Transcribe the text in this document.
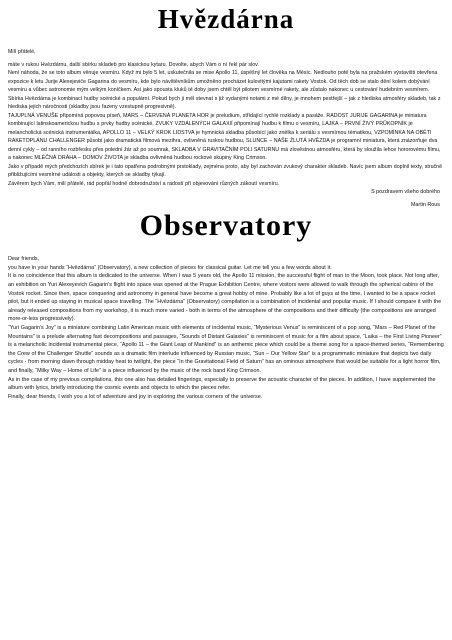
Hvězdárna

Milí přátelé,

máte v rukou Hvězdárnu, další sbírku skladeb pro klasickou kytaru. Dovolte, abych Vám o ní řekl pár slov.

Není náhoda, že se toto album věnuje vesmíru. Když mi bylo 5 let, uskutečnila se mise Apollo 11, úspěšný let člověka na Měsíc. Nedlouho poté byla na pražském výstavišti otevřena expozice k letu Jurije Alexejeviče Gagarina do vesmíru, kde bylo návštěvníkům umožněno procházet kulovitými kajutami rakety Vostok. Od těch dob se stalo dění kolem dobývání vesmíru a vůbec astronomie mým velkým koníčkem. Asi jako spousta kluků té doby jsem chtěl být pilotem vesmírné rakety, ale zůstalo nakonec u cestování hudebním vesmírem.

Sbírka Hvězdárna je kombinací hudby scénické a populární. Pokud bych ji měl stevnat s již vydanými notami z mé dílny, je mnohem pestřejší – jak z hlediska atmosféry skladeb, tak z hlediska jejich náročnosti (skladby jsou řazeny vzestupně progresivně).

TAJUPLNÁ VENUŠE připomíná popovou píseň, MARS – ČERVENÁ PLANETA HOR je preludium, střídající rychlé rozklady a pasáže. RADOST JURIJE GAGARINA je miniatura kombinující latinskoamerickou hudbu s prvky hudby scénické, ZVUKY VZDÁLENÝCH GALAXIÍ připomínají hudbu k filmu o vesmíru, LAJKA – PRVNÍ ŽIVÝ PRŮKOPNÍK je melancholická scénická instrumentálka, APOLLO 11 – VELKÝ KROK LIDSTVA je hymnická skladba působící jako znělka k seriálu s vesmírnou tématikou, VZPOMÍNKA NA OBĚTI RAKETOPLÁNU CHALLENGER působí jako dramatická filmová mezihra, ovlivněná ruskou hudbou, SLUNCE – NAŠE ŽLUTÁ HVĚZDA je programní miniatura, která znázorňuje dva denní cykly – od ranního rozbřesku přes polední žár až po soumrak, SKLADBA V GRAVITAČNÍM POLI SATURNU má zlověstnou atmosféru, která by sloužila lehce hororovému filmu, a nakonec MLÉČNÁ DRÁHA – DOMOV ŽIVOTA je skladba ovlivněná hudbou rockové skupiny King Crimson.

Jako v případě mých předchozích sbírek je i tato opatřena podrobnými prstoklady, zejména proto, aby byl zachován zvukový charakter skladeb. Navíc jsem album doplnil texty, stručně přibližujícími vesmírné události a objekty, kterých se skladby týkají.

Závěrem bych Vám, milí přátelé, rád popřál hodně dobrodružství a radostí při objevování různých zákoutí vesmíru.

S pozdravem všeho dobrého

Martin Rous

Observatory

Dear friends,

you have in your hands “Hvězdárna” (Observatory), a new collection of pieces for classical guitar. Let me tell you a few words about it.

It is no coincidence that this album is dedicated to the universe. When I was 5 years old, the Apollo 11 mission, the successful flight of man to the Moon, took place. Not long after, an exhibition on Yuri Alexeyevich Gagarin’s flight into space was opened at the Prague Exhibition Centre, where visitors were allowed to walk through the spherical cabins of the Vostok rocket. Since then, space conquering and astronomy in general have become a great hobby of mine. Probably like a lot of guys at the time, I wanted to be a space rocket pilot, but it ended up staying in musical space travelling. The “Hvězdárna” (Observatory) compilation is a combination of incidental and popular music. If I should compare it with the already released compositions from my workshop, it is much more varied - both in terms of the atmosphere of the compositions and their difficulty (the compositions are arranged more-or-less progressively).

“Yuri Gagarin’s Joy” is a miniature combining Latin American music with elements of incidental music, “Mysterious Venus” is reminiscent of a pop song, “Mars – Red Planet of the Mountains” is a prelude alternating fast decompositions and passages, “Sounds of Distant Galaxies” is reminiscent of music for a film about space, “Laika – the First Living Pioneer” is a melancholic incidental instrumental piece, “Apollo 11 – the Giant Leap of Mankind” is an anthemic piece which could be a theme song for a space-themed series, “Remembering the Crew of the Challenger Shuttle” sounds as a dramatic film interlude influenced by Russian music, “Sun – Our Yellow Star” is a programmatic miniature that depicts two daily cycles - from morning dawn through midday heat to twilight, the piece “In the Gravitational Field of Saturn” has an ominous atmosphere that would be suitable for a light horror film, and finally, “Milky Way – Home of Life” is a piece influenced by the music of the rock band King Crimson.

As in the case of my previous compilations, this one also has detailed fingerings, especially to preserve the acoustic character of the pieces. In addition, I have supplemented the album with lyrics, briefly introducing the cosmic events and objects to which the pieces refer.

Finally, dear friends, I wish you a lot of adventure and joy in exploring the various corners of the universe.
